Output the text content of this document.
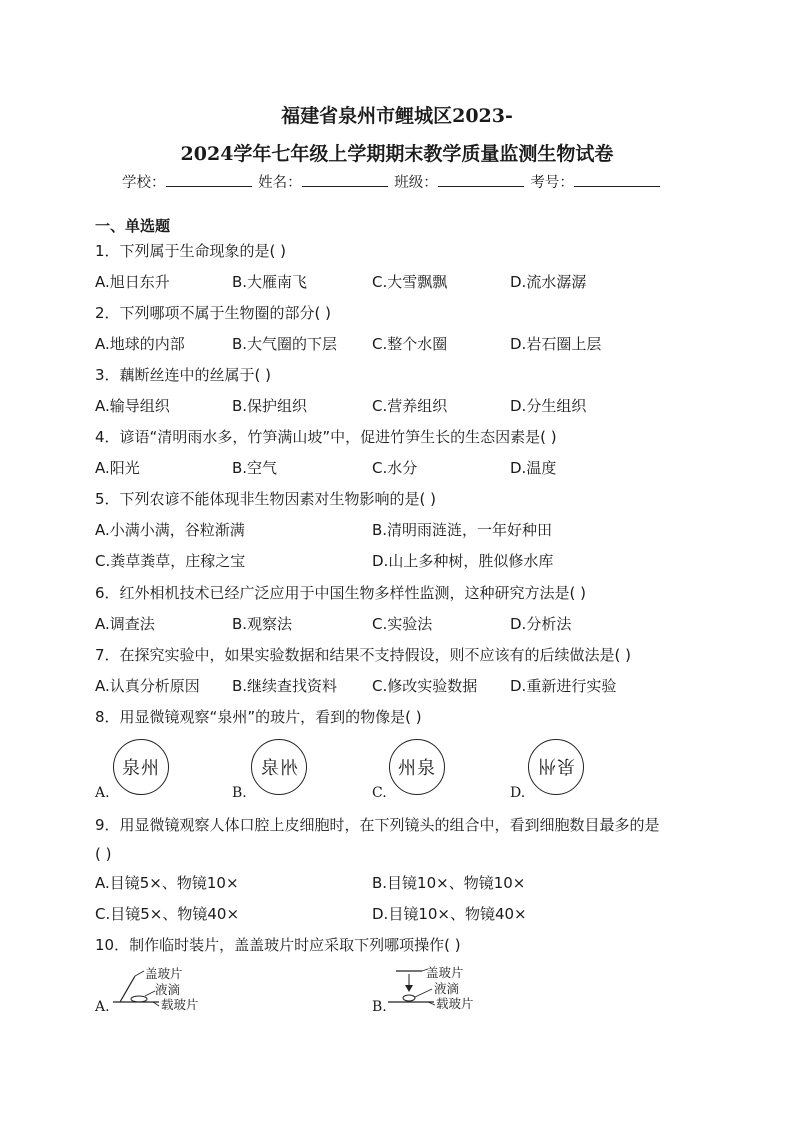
福建省泉州市鲤城区2023-
2024学年七年级上学期期末教学质量监测生物试卷
学校：	姓名：	班级：	考号：
一、单选题
1．下列属于生命现象的是( )
A.旭日东升	B.大雁南飞	C.大雪飘飘	D.流水潺潺
2．下列哪项不属于生物圈的部分( )
A.地球的内部	B.大气圈的下层 C.整个水圈	D.岩石圈上层
3．藕断丝连中的丝属于( )
A.输导组织	B.保护组织	C.营养组织	D.分生组织
4．谚语“清明雨水多，竹笋满山坡”中，促进竹笋生长的生态因素是( )
A.阳光	B.空气	C.水分	D.温度
5．下列农谚不能体现非生物因素对生物影响的是( )
A.小满小满，谷粒渐满	B.清明雨涟涟，一年好种田
C.粪草粪草，庄稼之宝	D.山上多种树，胜似修水库
6．红外相机技术已经广泛应用于中国生物多样性监测，这种研究方法是( )
A.调查法	B.观察法	C.实验法	D.分析法
7．在探究实验中，如果实验数据和结果不支持假设，则不应该有的后续做法是( )
A.认真分析原因 B.继续查找资料 C.修改实验数据 D.重新进行实验
8．用显微镜观察“泉州”的玻片，看到的物像是( )
泉州	州泉	州泉	泉州
A.	B.	C.	D.
9．用显微镜观察人体口腔上皮细胞时，在下列镜头的组合中，看到细胞数目最多的是
( )
A.目镜5×、物镜10×	B.目镜10×、物镜10×
C.目镜5×、物镜40×	D.目镜10×、物镜40×
10．制作临时装片，盖盖玻片时应采取下列哪项操作( )
盖玻片
液滴
载玻片
A.
盖玻片
液滴
载玻片
B.
